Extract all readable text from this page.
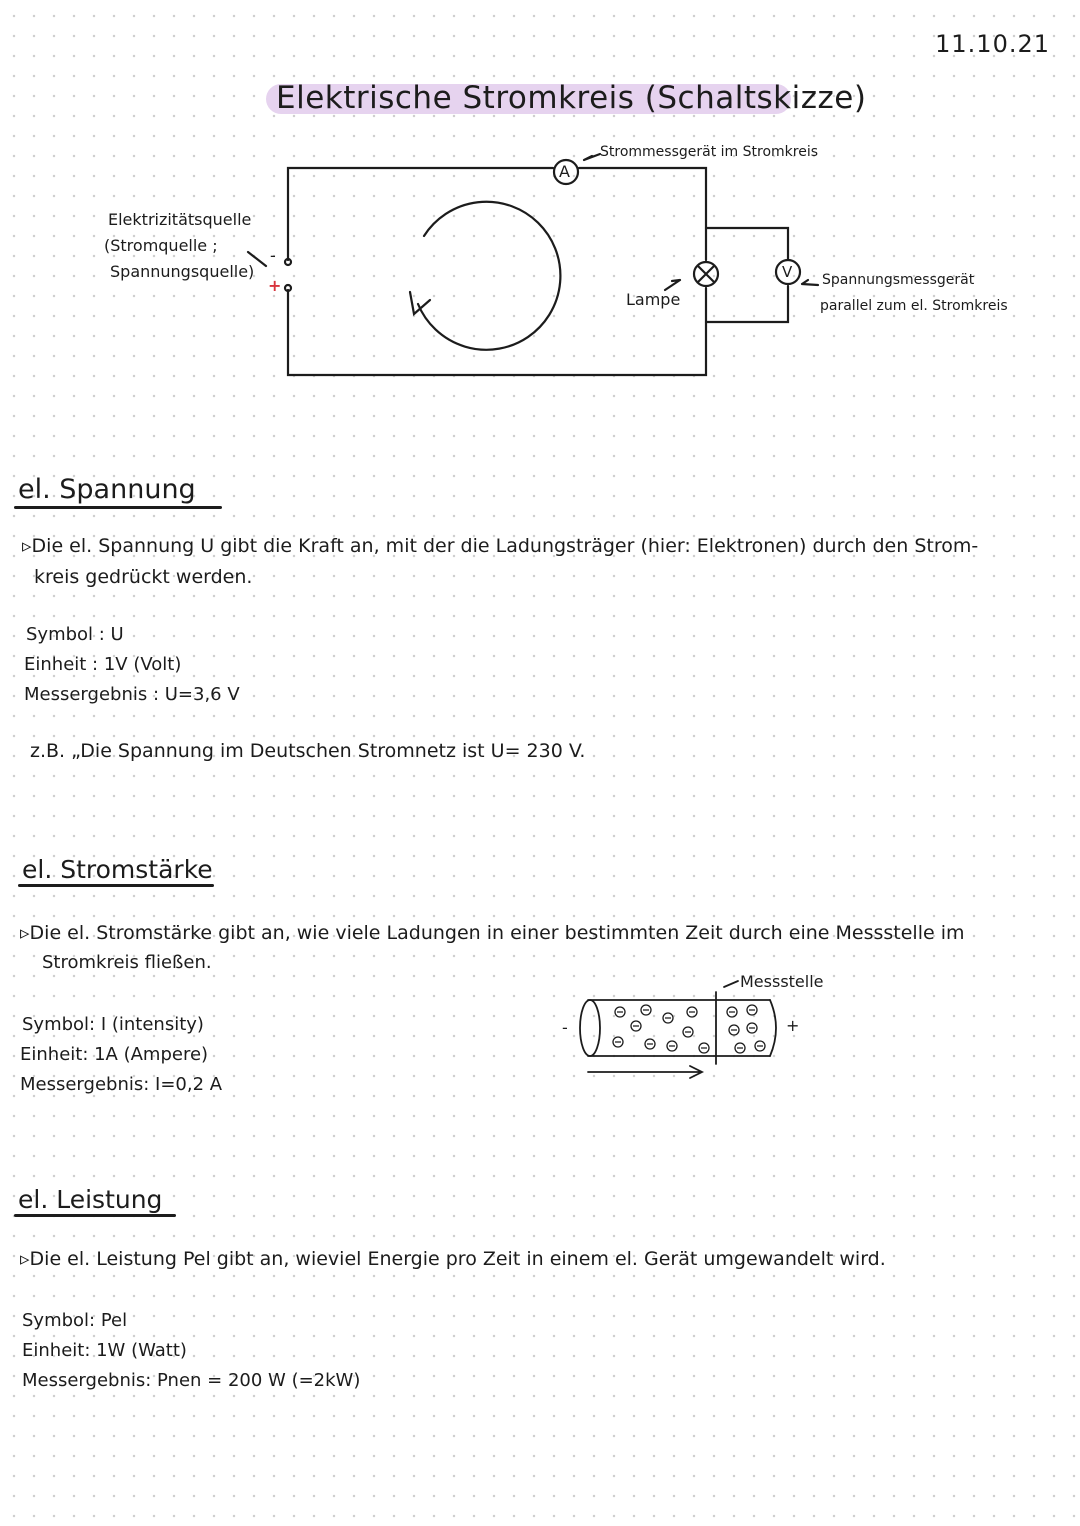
11.10.21
Elektrische Stromkreis (Schaltskizze)
A
Strommessgerät im Stromkreis
V
Elektrizitätsquelle
(Stromquelle ;
Spannungsquelle)
-
+
Lampe
Spannungsmessgerät
parallel zum el. Stromkreis
el. Spannung
▹Die el. Spannung U gibt die Kraft an, mit der die Ladungsträger (hier: Elektronen) durch den Strom-
kreis gedrückt werden.
Symbol : U
Einheit : 1V (Volt)
Messergebnis : U=3,6 V
z.B. „Die Spannung im Deutschen Stromnetz ist U= 230 V.
el. Stromstärke
▹Die el. Stromstärke gibt an, wie viele Ladungen in einer bestimmten Zeit durch eine Messstelle im
Stromkreis fließen.
Symbol: I (intensity)
Einheit: 1A (Ampere)
Messergebnis: I=0,2 A
Messstelle
-	+
el. Leistung
▹Die el. Leistung Pel gibt an, wieviel Energie pro Zeit in einem el. Gerät umgewandelt wird.
Symbol: Pel
Einheit: 1W (Watt)
Messergebnis: Pnen = 200 W (=2kW)
